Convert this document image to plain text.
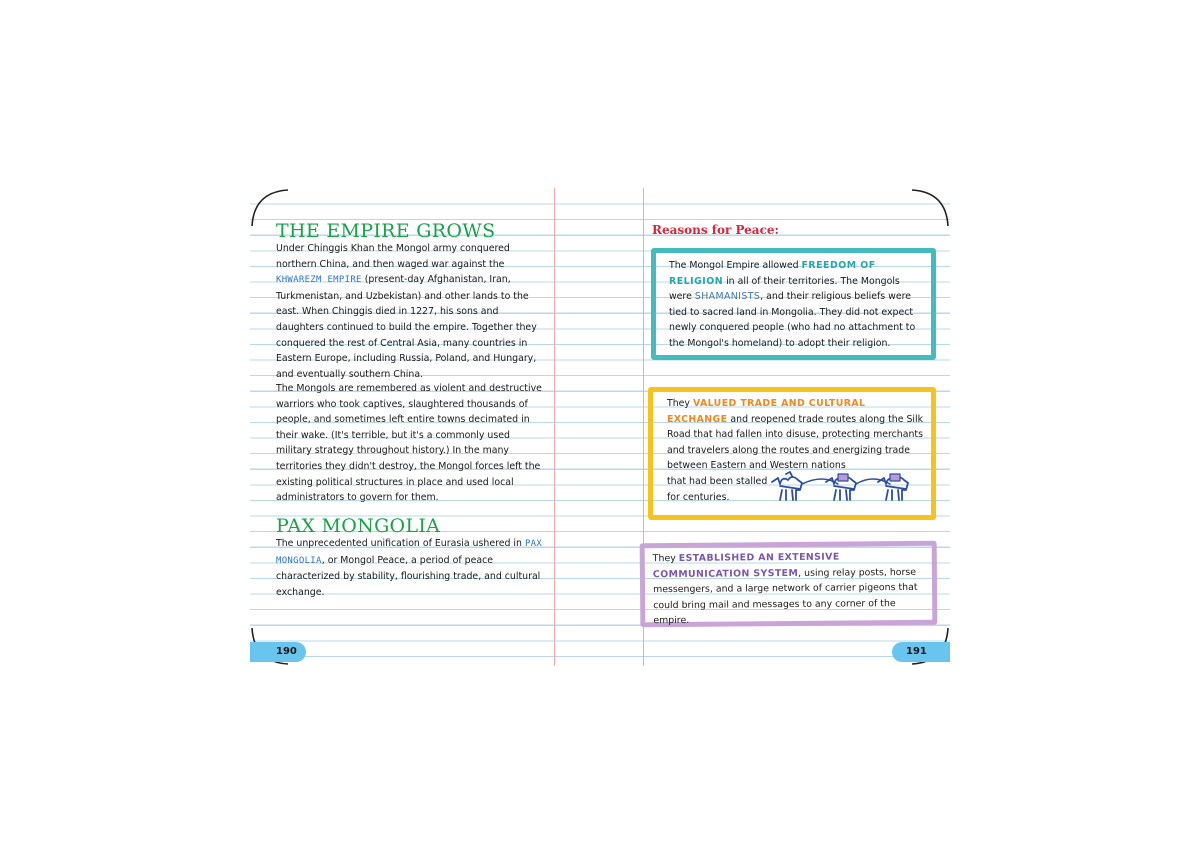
THE EMPIRE GROWS

Under Chinggis Khan the Mongol army conquered northern China, and then waged war against the KHWAREZM EMPIRE (present-day Afghanistan, Iran, Turkmenistan, and Uzbekistan) and other lands to the east. When Chinggis died in 1227, his sons and daughters continued to build the empire. Together they conquered the rest of Central Asia, many countries in Eastern Europe, including Russia, Poland, and Hungary, and eventually southern China.

The Mongols are remembered as violent and destructive warriors who took captives, slaughtered thousands of people, and sometimes left entire towns decimated in their wake. (It's terrible, but it's a commonly used military strategy throughout history.) In the many territories they didn't destroy, the Mongol forces left the existing political structures in place and used local administrators to govern for them.
PAX MONGOLIA

The unprecedented unification of Eurasia ushered in PAX MONGOLIA, or Mongol Peace, a period of peace characterized by stability, flourishing trade, and cultural exchange.

190
Reasons for Peace:
The Mongol Empire allowed FREEDOM OF RELIGION in all of their territories. The Mongols were SHAMANISTS, and their religious beliefs were tied to sacred land in Mongolia. They did not expect newly conquered people (who had no attachment to the Mongol's homeland) to adopt their religion.
They VALUED TRADE AND CULTURAL EXCHANGE and reopened trade routes along the Silk Road that had fallen into disuse, protecting merchants and travelers along the routes and energizing trade between Eastern and Western nations
that had been stalled
for centuries.
They ESTABLISHED AN EXTENSIVE COMMUNICATION SYSTEM, using relay posts, horse messengers, and a large network of carrier pigeons that could bring mail and messages to any corner of the empire.
191
